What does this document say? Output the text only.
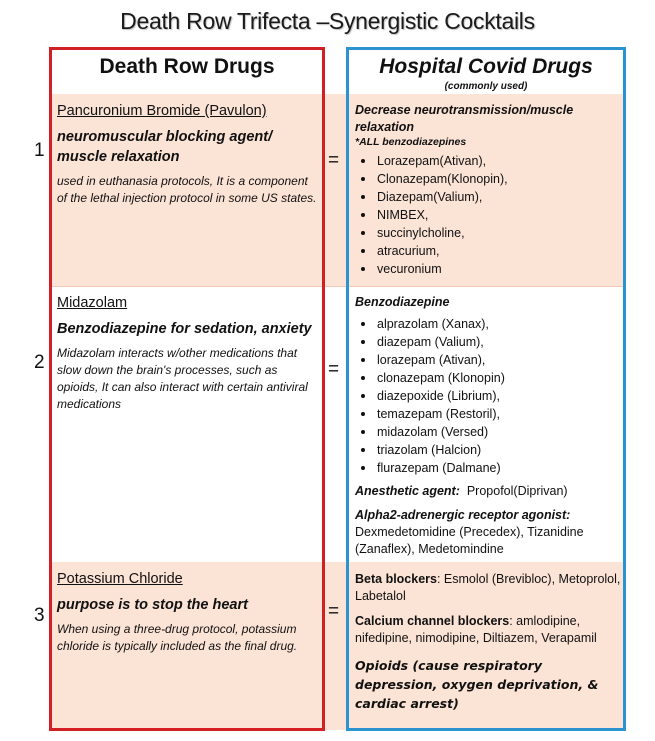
Death Row Trifecta –Synergistic Cocktails
Death Row Drugs	Hospital Covid Drugs
(commonly used)
1
2
3
=
=
=
Pancuronium Bromide (Pavulon)
neuromuscular blocking agent/ muscle relaxation
used in euthanasia protocols, It is a component of the lethal injection protocol in some US states.
Decrease neurotransmission/muscle relaxation
*ALL benzodiazepines
Lorazepam(Ativan),
Clonazepam(Klonopin),
Diazepam(Valium),
NIMBEX,
succinylcholine,
atracurium,
vecuronium
Midazolam
Benzodiazepine for sedation, anxiety
Midazolam interacts w/other medications that slow down the brain's processes, such as opioids, It can also interact with certain antiviral medications
Benzodiazepine
alprazolam (Xanax),
diazepam (Valium),
lorazepam (Ativan),
clonazepam (Klonopin)
diazepoxide (Librium),
temazepam (Restoril),
midazolam (Versed)
triazolam (Halcion)
flurazepam (Dalmane)
Anesthetic agent: Propofol(Diprivan)
Alpha2-adrenergic receptor agonist:
Dexmedetomidine (Precedex), Tizanidine (Zanaflex), Medetomindine
Potassium Chloride
purpose is to stop the heart
When using a three-drug protocol, potassium chloride is typically included as the final drug.
Beta blockers: Esmolol (Brevibloc), Metoprolol, Labetalol
Calcium channel blockers: amlodipine, nifedipine, nimodipine, Diltiazem, Verapamil
Opioids (cause respiratory depression, oxygen deprivation, & cardiac arrest)
